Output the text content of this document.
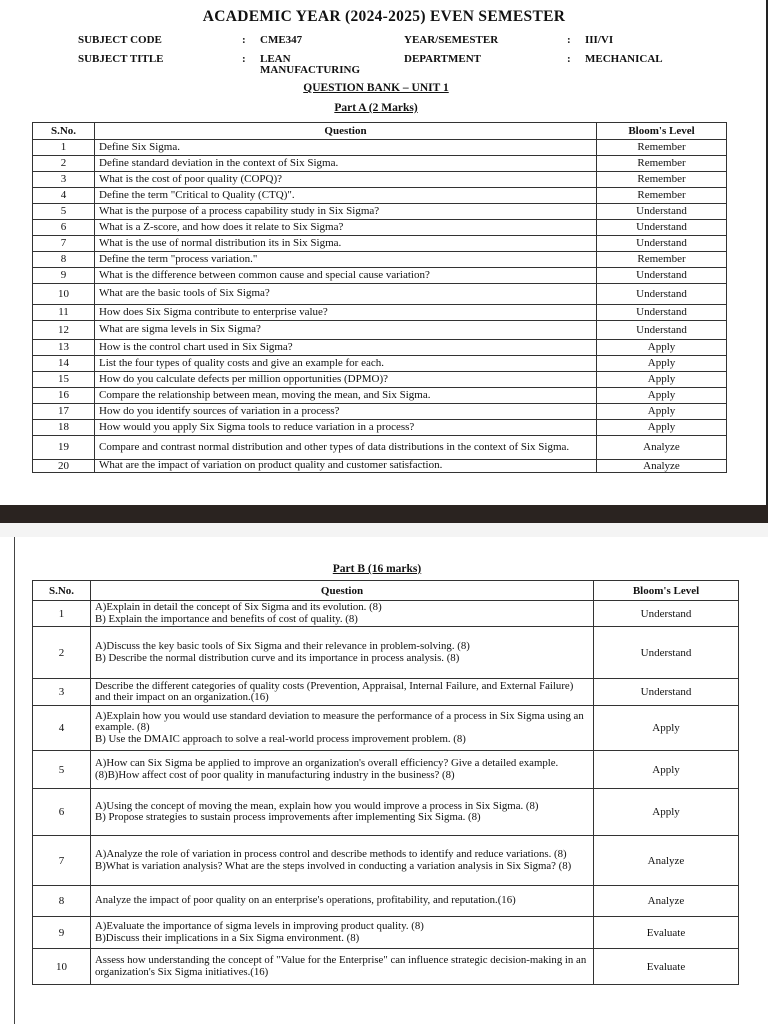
ACADEMIC YEAR (2024-2025) EVEN SEMESTER
SUBJECT CODE	: CME347	YEAR/SEMESTER	: III/VI
SUBJECT TITLE	: LEAN
MANUFACTURING
DEPARTMENT	: MECHANICAL
QUESTION BANK – UNIT 1
Part A (2 Marks)
S.No.	Question	Bloom's Level
1	Define Six Sigma.	Remember
2	Define standard deviation in the context of Six Sigma.	Remember
3	What is the cost of poor quality (COPQ)?	Remember
4	Define the term "Critical to Quality (CTQ)".	Remember
5	What is the purpose of a process capability study in Six Sigma?	Understand
6	What is a Z-score, and how does it relate to Six Sigma?	Understand
7	What is the use of normal distribution its in Six Sigma.	Understand
8	Define the term "process variation."	Remember
9	What is the difference between common cause and special cause variation?	Understand
10	What are the basic tools of Six Sigma?	Understand
11	How does Six Sigma contribute to enterprise value?	Understand
12	What are sigma levels in Six Sigma?	Understand
13	How is the control chart used in Six Sigma?	Apply
14	List the four types of quality costs and give an example for each.	Apply
15	How do you calculate defects per million opportunities (DPMO)?	Apply
16	Compare the relationship between mean, moving the mean, and Six Sigma.	Apply
17	How do you identify sources of variation in a process?	Apply
18	How would you apply Six Sigma tools to reduce variation in a process?	Apply
19	Compare and contrast normal distribution and other types of data distributions in the context of Six Sigma.	Analyze
20	What are the impact of variation on product quality and customer satisfaction.	Analyze
Part B (16 marks)
S.No.	Question	Bloom's Level
1	A)Explain in detail the concept of Six Sigma and its evolution. (8)
B) Explain the importance and benefits of cost of quality. (8)	Understand
2	A)Discuss the key basic tools of Six Sigma and their relevance in problem-solving. (8)
B) Describe the normal distribution curve and its importance in process analysis. (8)	Understand
3	Describe the different categories of quality costs (Prevention, Appraisal, Internal Failure, and External Failure) and their impact on an organization.(16)	Understand
4	A)Explain how you would use standard deviation to measure the performance of a process in Six Sigma using an example. (8)
B) Use the DMAIC approach to solve a real-world process improvement problem. (8)	Apply
5	A)How can Six Sigma be applied to improve an organization's overall efficiency? Give a detailed example. (8)B)How affect cost of poor quality in manufacturing industry in the business? (8)	Apply
6	A)Using the concept of moving the mean, explain how you would improve a process in Six Sigma. (8)
B) Propose strategies to sustain process improvements after implementing Six Sigma. (8)	Apply
7	A)Analyze the role of variation in process control and describe methods to identify and reduce variations. (8)
B)What is variation analysis? What are the steps involved in conducting a variation analysis in Six Sigma? (8)	Analyze
8	Analyze the impact of poor quality on an enterprise's operations, profitability, and reputation.(16)	Analyze
9	A)Evaluate the importance of sigma levels in improving product quality. (8)
B)Discuss their implications in a Six Sigma environment. (8)	Evaluate
10	Assess how understanding the concept of "Value for the Enterprise" can influence strategic decision-making in an organization's Six Sigma initiatives.(16)	Evaluate
